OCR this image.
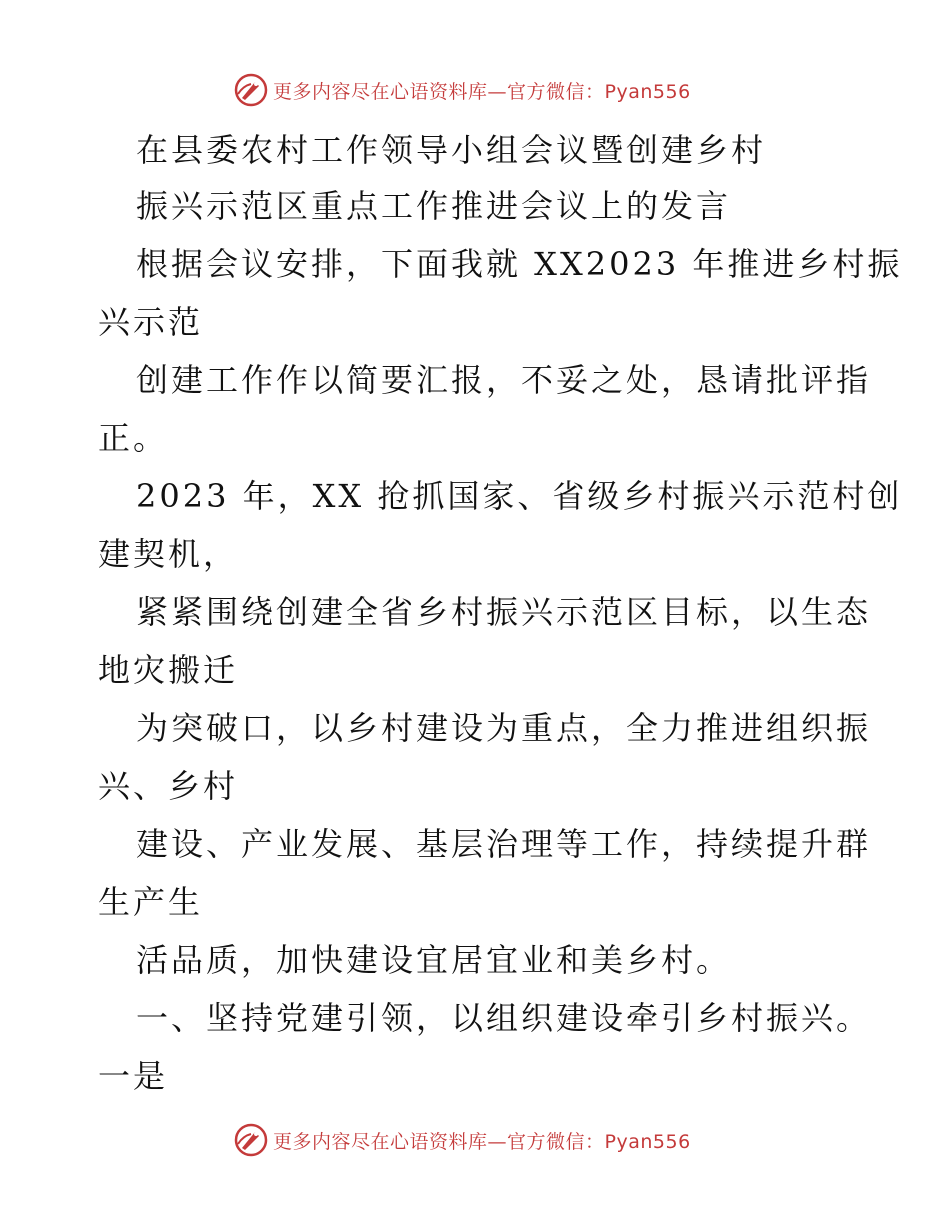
更多内容尽在心语资料库—官方微信：Pyan556
在县委农村工作领导小组会议暨创建乡村
振兴示范区重点工作推进会议上的发言
根据会议安排，下面我就 XX2023 年推进乡村振
兴示范
创建工作作以简要汇报，不妥之处，恳请批评指
正。
2023 年，XX 抢抓国家、省级乡村振兴示范村创
建契机，
紧紧围绕创建全省乡村振兴示范区目标，以生态
地灾搬迁
为突破口，以乡村建设为重点，全力推进组织振
兴、乡村
建设、产业发展、基层治理等工作，持续提升群
生产生
活品质，加快建设宜居宜业和美乡村。
一、坚持党建引领，以组织建设牵引乡村振兴。
一是
更多内容尽在心语资料库—官方微信：Pyan556
